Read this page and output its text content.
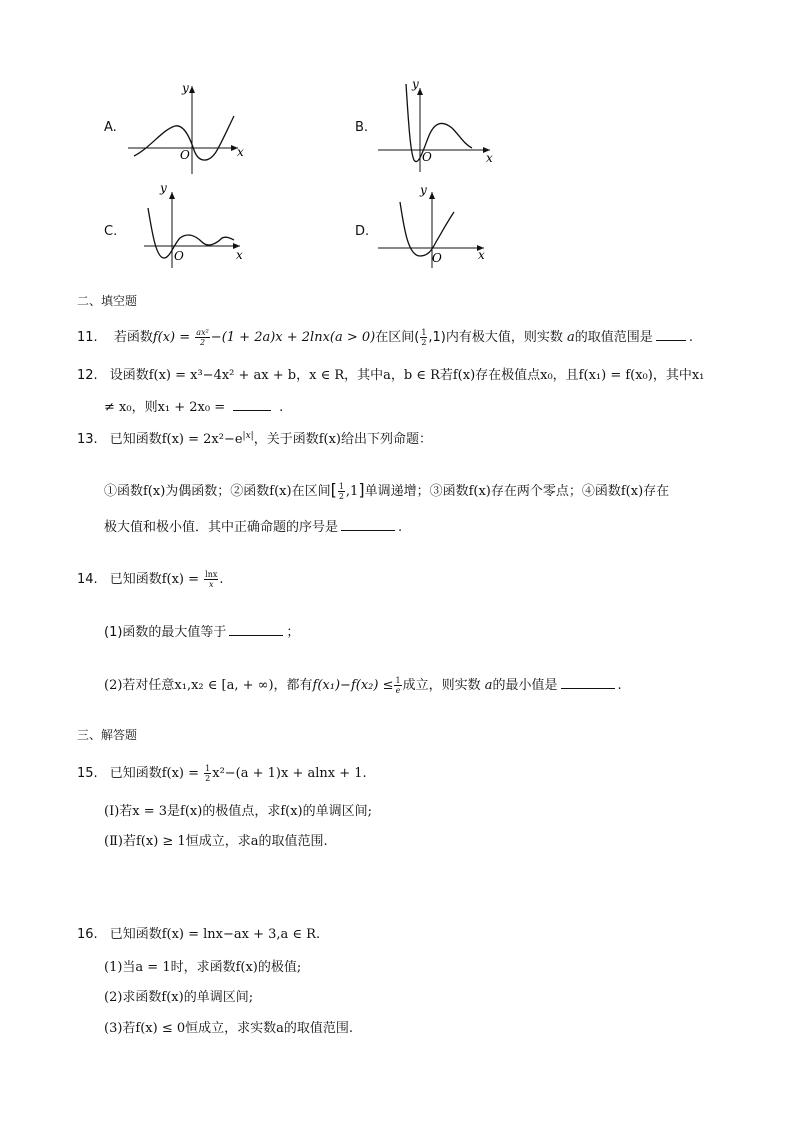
A.
y
x
O
B.
y
x
O
C.
y
x
O
D.
y
x
O
二、填空题
11. 若函数$f(x) = \frac{\text{ax²}}{2} -(1 + 2a)x + 2\ln x(a > 0)$在区间( $\frac{1}{2} ,1$)内有极大值，则实数 a的取值范围是	.
12. 设函数f(x) = x³−4x² + ax + b，x ∈ R，其中a，b ∈ R若f(x)存在极值点x₀，且f(x₁) = f(x₀)，其中x₁
≠ x₀，则x₁ + 2x₀ =	.
13. 已知函数$f(x) = 2x^2-e^{|x|}$，关于函数f(x)给出下列命题：
①函数f(x)为偶函数；②函数f(x)在区间[ $\frac{1}{2} ,1$]单调递增；③函数f(x)存在两个零点；④函数f(x)存在
极大值和极小值．其中正确命题的序号是	.
14. 已知函数$f(x) = \frac{\ln x}{x}$ .
(1)函数的最大值等于	；
(2)若对任意x₁,x₂ ∈ [a, + ∞)，都有$f(x_1)-f(x_2) \le \frac{1}{e}$ 成立，则实数 a的最小值是	.
三、解答题
15. 已知函数$f(x) = \frac{1}{2} x^2-(a + 1)x + alnx + 1$.
(Ⅰ)若x = 3是f(x)的极值点，求f(x)的单调区间;
(Ⅱ)若f(x) ≥ 1恒成立，求a的取值范围.
16. 已知函数f(x) = lnx−ax + 3,a ∈ R.
(1)当a = 1时，求函数f(x)的极值;
(2)求函数f(x)的单调区间;
(3)若f(x) ≤ 0恒成立，求实数a的取值范围.
